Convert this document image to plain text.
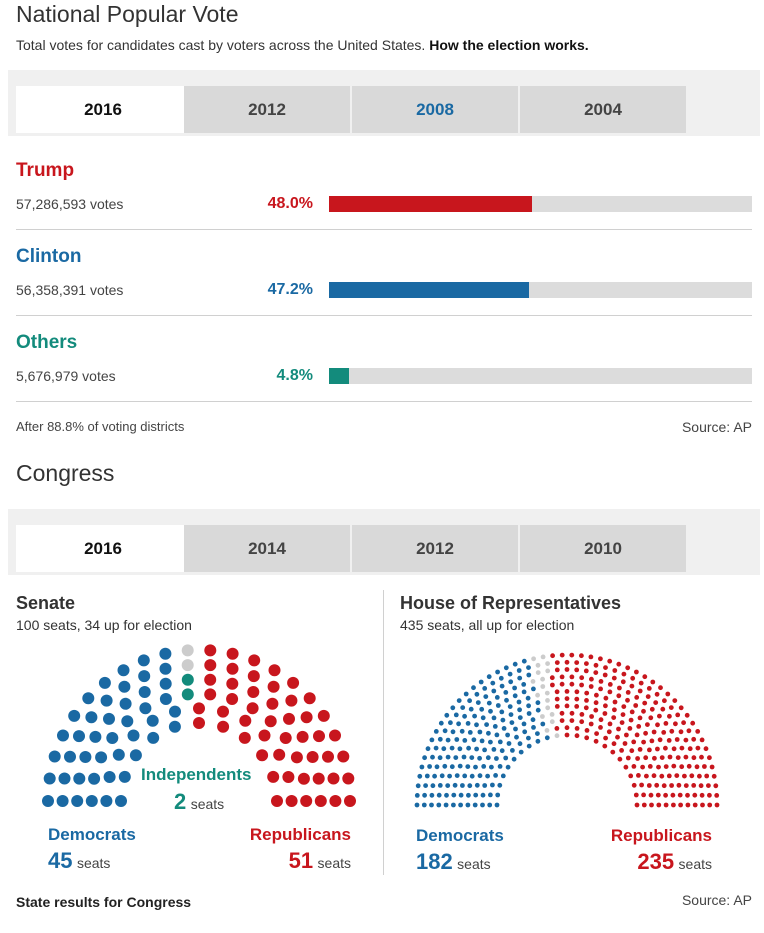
National Popular Vote
Total votes for candidates cast by voters across the United States. How the election works.
2016	2012	2008	2004
Trump
57,286,593 votes	48.0%
Clinton
56,358,391 votes	47.2%
Others
5,676,979 votes	4.8%
After 88.8% of voting districts	Source: AP
Congress
2016	2014	2012	2010
Senate
100 seats, 34 up for election
Independents
2 seats
Democrats
45 seats
Republicans
51 seats
House of Representatives
435 seats, all up for election
Democrats
182 seats
Republicans
235 seats
State results for Congress	Source: AP
